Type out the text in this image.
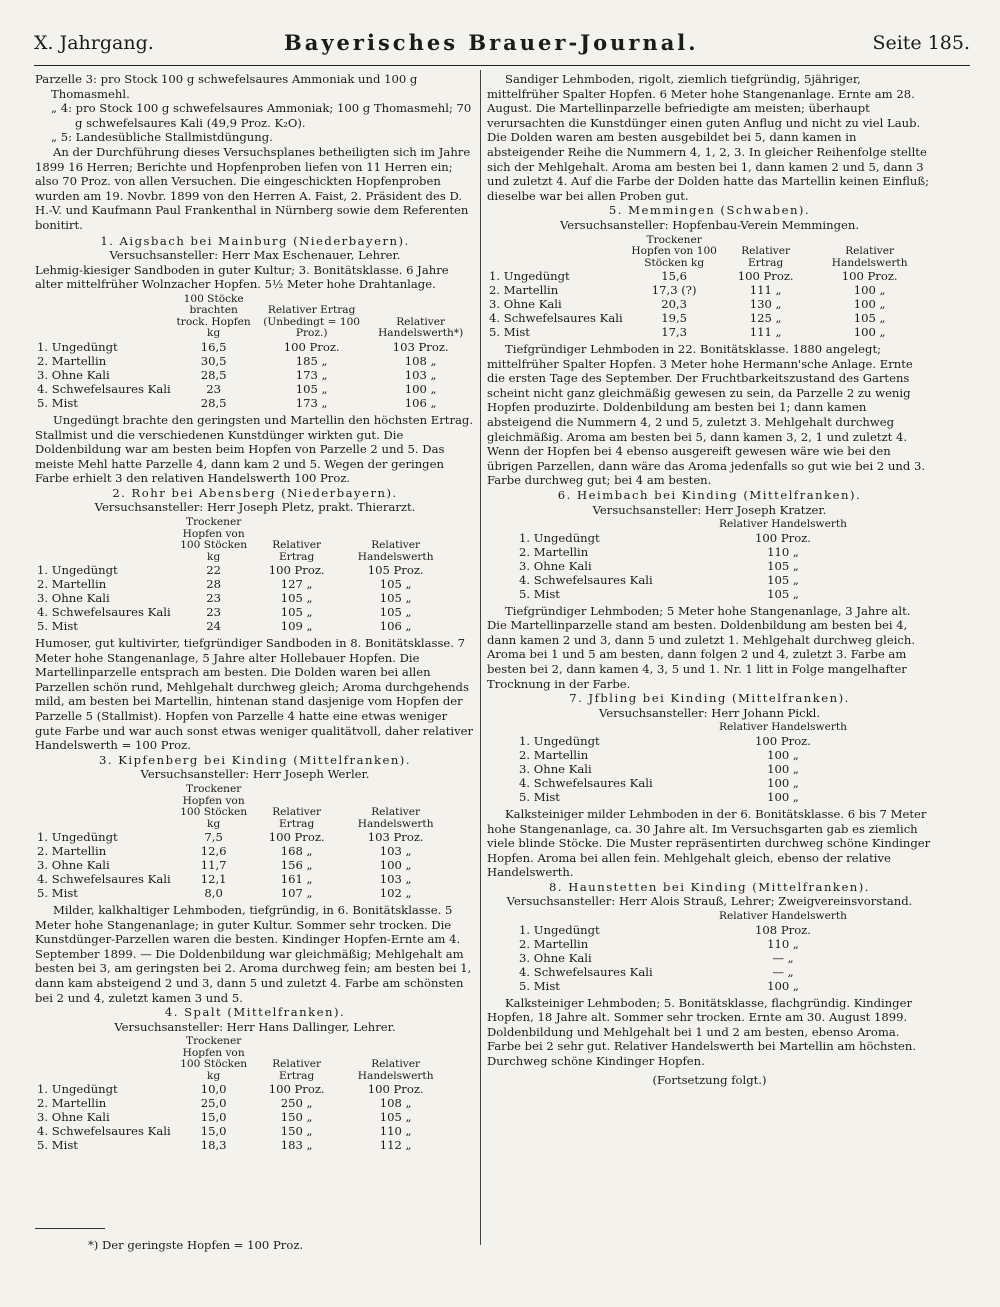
X. Jahrgang.	Bayerisches Brauer-Journal.	Seite 185.

Parzelle 3: pro Stock 100 g schwefelsaures Ammoniak und 100 g Thomasmehl.

„ 4: pro Stock 100 g schwefelsaures Ammoniak; 100 g Thomasmehl; 70 g schwefelsaures Kali (49,9 Proz. K₂O).

„ 5: Landesübliche Stallmistdüngung.

An der Durchführung dieses Versuchsplanes betheiligten sich im Jahre 1899 16 Herren; Berichte und Hopfenproben liefen von 11 Herren ein; also 70 Proz. von allen Versuchen. Die eingeschickten Hopfenproben wurden am 19. Novbr. 1899 von den Herren A. Faist, 2. Präsident des D. H.-V. und Kaufmann Paul Frankenthal in Nürnberg sowie dem Referenten bonitirt.

1. Aigsbach bei Mainburg (Niederbayern).

Versuchsansteller: Herr Max Eschenauer, Lehrer.

Lehmig-kiesiger Sandboden in guter Kultur; 3. Bonitätsklasse. 6 Jahre alter mittelfrüher Wolnzacher Hopfen. 5½ Meter hohe Drahtanlage.

	100 Stöcke brachten trock. Hopfen kg	Relativer Ertrag (Unbedingt = 100 Proz.)	Relativer Handelswerth*)
1. Ungedüngt	16,5	100 Proz.	103 Proz.
2. Martellin	30,5	185 „	108 „
3. Ohne Kali	28,5	173 „	103 „
4. Schwefelsaures Kali	23	105 „	100 „
5. Mist	28,5	173 „	106 „

Ungedüngt brachte den geringsten und Martellin den höchsten Ertrag. Stallmist und die verschiedenen Kunstdünger wirkten gut. Die Doldenbildung war am besten beim Hopfen von Parzelle 2 und 5. Das meiste Mehl hatte Parzelle 4, dann kam 2 und 5. Wegen der geringen Farbe erhielt 3 den relativen Handelswerth 100 Proz.

2. Rohr bei Abensberg (Niederbayern).

Versuchsansteller: Herr Joseph Pletz, prakt. Thierarzt.

	Trockener Hopfen von 100 Stöcken kg	Relativer Ertrag	Relativer Handelswerth
1. Ungedüngt	22	100 Proz.	105 Proz.
2. Martellin	28	127 „	105 „
3. Ohne Kali	23	105 „	105 „
4. Schwefelsaures Kali	23	105 „	105 „
5. Mist	24	109 „	106 „

Humoser, gut kultivirter, tiefgründiger Sandboden in 8. Bonitätsklasse. 7 Meter hohe Stangenanlage, 5 Jahre alter Hollebauer Hopfen. Die Martellinparzelle entsprach am besten. Die Dolden waren bei allen Parzellen schön rund, Mehlgehalt durchweg gleich; Aroma durchgehends mild, am besten bei Martellin, hintenan stand dasjenige vom Hopfen der Parzelle 5 (Stallmist). Hopfen von Parzelle 4 hatte eine etwas weniger gute Farbe und war auch sonst etwas weniger qualitätvoll, daher relativer Handelswerth = 100 Proz.

3. Kipfenberg bei Kinding (Mittelfranken).

Versuchsansteller: Herr Joseph Werler.

	Trockener Hopfen von 100 Stöcken kg	Relativer Ertrag	Relativer Handelswerth
1. Ungedüngt	7,5	100 Proz.	103 Proz.
2. Martellin	12,6	168 „	103 „
3. Ohne Kali	11,7	156 „	100 „
4. Schwefelsaures Kali	12,1	161 „	103 „
5. Mist	8,0	107 „	102 „

Milder, kalkhaltiger Lehmboden, tiefgründig, in 6. Bonitätsklasse. 5 Meter hohe Stangenanlage; in guter Kultur. Sommer sehr trocken. Die Kunstdünger-Parzellen waren die besten. Kindinger Hopfen-Ernte am 4. September 1899. — Die Doldenbildung war gleichmäßig; Mehlgehalt am besten bei 3, am geringsten bei 2. Aroma durchweg fein; am besten bei 1, dann kam absteigend 2 und 3, dann 5 und zuletzt 4. Farbe am schönsten bei 2 und 4, zuletzt kamen 3 und 5.

4. Spalt (Mittelfranken).

Versuchsansteller: Herr Hans Dallinger, Lehrer.

	Trockener Hopfen von 100 Stöcken kg	Relativer Ertrag	Relativer Handelswerth
1. Ungedüngt	10,0	100 Proz.	100 Proz.
2. Martellin	25,0	250 „	108 „
3. Ohne Kali	15,0	150 „	105 „
4. Schwefelsaures Kali	15,0	150 „	110 „
5. Mist	18,3	183 „	112 „

*) Der geringste Hopfen = 100 Proz.

Sandiger Lehmboden, rigolt, ziemlich tiefgründig, 5jähriger, mittelfrüher Spalter Hopfen. 6 Meter hohe Stangenanlage. Ernte am 28. August. Die Martellinparzelle befriedigte am meisten; überhaupt verursachten die Kunstdünger einen guten Anflug und nicht zu viel Laub. Die Dolden waren am besten ausgebildet bei 5, dann kamen in absteigender Reihe die Nummern 4, 1, 2, 3. In gleicher Reihenfolge stellte sich der Mehlgehalt. Aroma am besten bei 1, dann kamen 2 und 5, dann 3 und zuletzt 4. Auf die Farbe der Dolden hatte das Martellin keinen Einfluß; dieselbe war bei allen Proben gut.

5. Memmingen (Schwaben).

Versuchsansteller: Hopfenbau-Verein Memmingen.

	Trockener Hopfen von 100 Stöcken kg	Relativer Ertrag	Relativer Handelswerth
1. Ungedüngt	15,6	100 Proz.	100 Proz.
2. Martellin	17,3 (?)	111 „	100 „
3. Ohne Kali	20,3	130 „	100 „
4. Schwefelsaures Kali	19,5	125 „	105 „
5. Mist	17,3	111 „	100 „

Tiefgründiger Lehmboden in 22. Bonitätsklasse. 1880 angelegt; mittelfrüher Spalter Hopfen. 3 Meter hohe Hermann'sche Anlage. Ernte die ersten Tage des September. Der Fruchtbarkeitszustand des Gartens scheint nicht ganz gleichmäßig gewesen zu sein, da Parzelle 2 zu wenig Hopfen produzirte. Doldenbildung am besten bei 1; dann kamen absteigend die Nummern 4, 2 und 5, zuletzt 3. Mehlgehalt durchweg gleichmäßig. Aroma am besten bei 5, dann kamen 3, 2, 1 und zuletzt 4. Wenn der Hopfen bei 4 ebenso ausgereift gewesen wäre wie bei den übrigen Parzellen, dann wäre das Aroma jedenfalls so gut wie bei 2 und 3. Farbe durchweg gut; bei 4 am besten.

6. Heimbach bei Kinding (Mittelfranken).

Versuchsansteller: Herr Joseph Kratzer.

	Relativer Handelswerth
1. Ungedüngt	100 Proz.
2. Martellin	110 „
3. Ohne Kali	105 „
4. Schwefelsaures Kali	105 „
5. Mist	105 „

Tiefgründiger Lehmboden; 5 Meter hohe Stangenanlage, 3 Jahre alt. Die Martellinparzelle stand am besten. Doldenbildung am besten bei 4, dann kamen 2 und 3, dann 5 und zuletzt 1. Mehlgehalt durchweg gleich. Aroma bei 1 und 5 am besten, dann folgen 2 und 4, zuletzt 3. Farbe am besten bei 2, dann kamen 4, 3, 5 und 1. Nr. 1 litt in Folge mangelhafter Trocknung in der Farbe.

7. Jfbling bei Kinding (Mittelfranken).

Versuchsansteller: Herr Johann Pickl.

	Relativer Handelswerth
1. Ungedüngt	100 Proz.
2. Martellin	100 „
3. Ohne Kali	100 „
4. Schwefelsaures Kali	100 „
5. Mist	100 „

Kalksteiniger milder Lehmboden in der 6. Bonitätsklasse. 6 bis 7 Meter hohe Stangenanlage, ca. 30 Jahre alt. Im Versuchsgarten gab es ziemlich viele blinde Stöcke. Die Muster repräsentirten durchweg schöne Kindinger Hopfen. Aroma bei allen fein. Mehlgehalt gleich, ebenso der relative Handelswerth.

8. Haunstetten bei Kinding (Mittelfranken).

Versuchsansteller: Herr Alois Strauß, Lehrer; Zweigvereinsvorstand.

	Relativer Handelswerth
1. Ungedüngt	108 Proz.
2. Martellin	110 „
3. Ohne Kali	— „
4. Schwefelsaures Kali	— „
5. Mist	100 „

Kalksteiniger Lehmboden; 5. Bonitätsklasse, flachgründig. Kindinger Hopfen, 18 Jahre alt. Sommer sehr trocken. Ernte am 30. August 1899. Doldenbildung und Mehlgehalt bei 1 und 2 am besten, ebenso Aroma. Farbe bei 2 sehr gut. Relativer Handelswerth bei Martellin am höchsten. Durchweg schöne Kindinger Hopfen.

(Fortsetzung folgt.)
